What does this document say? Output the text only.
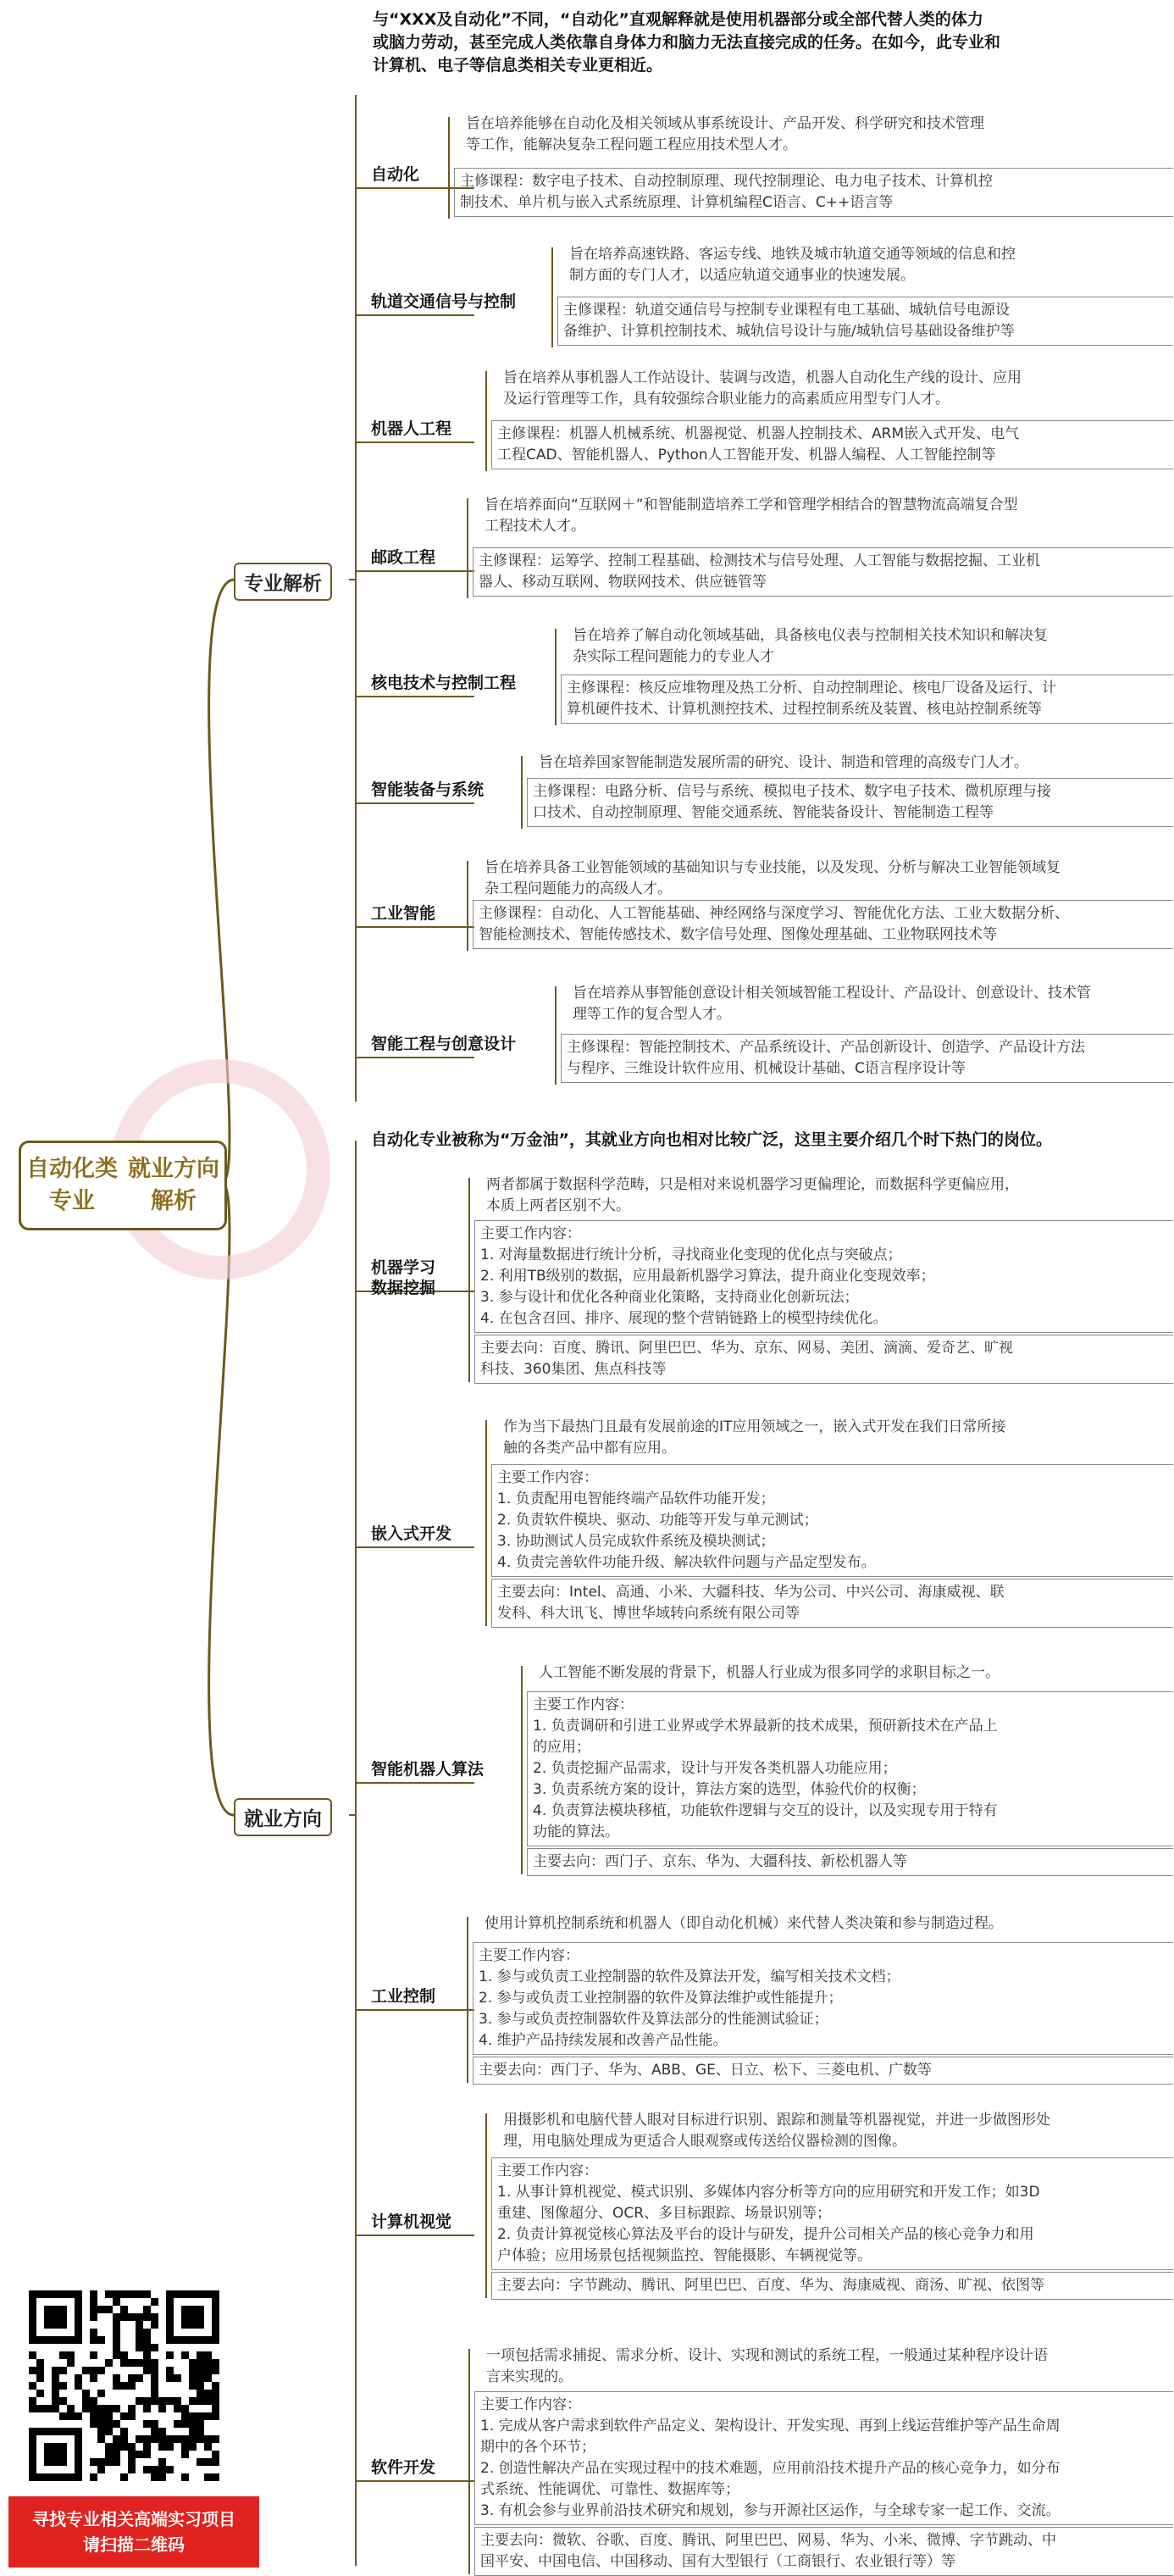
自动化类专业
就业方向解析
与“XXX及自动化”不同，“自动化”直观解释就是使用机器部分或全部代替人类的体力
或脑力劳动，甚至完成人类依靠自身体力和脑力无法直接完成的任务。在如今，此专业和
计算机、电子等信息类相关专业更相近。
专业解析
就业方向
自动化
旨在培养能够在自动化及相关领域从事系统设计、产品开发、科学研究和技术管理
等工作，能解决复杂工程问题工程应用技术型人才。
主修课程：数字电子技术、自动控制原理、现代控制理论、电力电子技术、计算机控
制技术、单片机与嵌入式系统原理、计算机编程C语言、C++语言等
轨道交通信号与控制
旨在培养高速铁路、客运专线、地铁及城市轨道交通等领域的信息和控
制方面的专门人才，以适应轨道交通事业的快速发展。
主修课程：轨道交通信号与控制专业课程有电工基础、城轨信号电源设
备维护、计算机控制技术、城轨信号设计与施/城轨信号基础设备维护等
机器人工程
旨在培养从事机器人工作站设计、装调与改造，机器人自动化生产线的设计、应用
及运行管理等工作，具有较强综合职业能力的高素质应用型专门人才。
主修课程：机器人机械系统、机器视觉、机器人控制技术、ARM嵌入式开发、电气
工程CAD、智能机器人、Python人工智能开发、机器人编程、人工智能控制等
邮政工程
旨在培养面向“互联网＋”和智能制造培养工学和管理学相结合的智慧物流高端复合型
工程技术人才。
主修课程：运筹学、控制工程基础、检测技术与信号处理、人工智能与数据挖掘、工业机
器人、移动互联网、物联网技术、供应链管等
核电技术与控制工程
旨在培养了解自动化领域基础，具备核电仪表与控制相关技术知识和解决复
杂实际工程问题能力的专业人才
主修课程：核反应堆物理及热工分析、自动控制理论、核电厂设备及运行、计
算机硬件技术、计算机测控技术、过程控制系统及装置、核电站控制系统等
智能装备与系统
旨在培养国家智能制造发展所需的研究、设计、制造和管理的高级专门人才。
主修课程：电路分析、信号与系统、模拟电子技术、数字电子技术、微机原理与接
口技术、自动控制原理、智能交通系统、智能装备设计、智能制造工程等
工业智能
旨在培养具备工业智能领域的基础知识与专业技能，以及发现、分析与解决工业智能领域复
杂工程问题能力的高级人才。
主修课程：自动化、人工智能基础、神经网络与深度学习、智能优化方法、工业大数据分析、
智能检测技术、智能传感技术、数字信号处理、图像处理基础、工业物联网技术等
智能工程与创意设计
旨在培养从事智能创意设计相关领域智能工程设计、产品设计、创意设计、技术管
理等工作的复合型人才。
主修课程：智能控制技术、产品系统设计、产品创新设计、创造学、产品设计方法
与程序、三维设计软件应用、机械设计基础、C语言程序设计等
自动化专业被称为“万金油”，其就业方向也相对比较广泛，这里主要介绍几个时下热门的岗位。
机器学习
数据挖掘
两者都属于数据科学范畴，只是相对来说机器学习更偏理论，而数据科学更偏应用，
本质上两者区别不大。
主要工作内容：
1. 对海量数据进行统计分析，寻找商业化变现的优化点与突破点；
2. 利用TB级别的数据，应用最新机器学习算法，提升商业化变现效率；
3. 参与设计和优化各种商业化策略，支持商业化创新玩法；
4. 在包含召回、排序、展现的整个营销链路上的模型持续优化。
主要去向：百度、腾讯、阿里巴巴、华为、京东、网易、美团、滴滴、爱奇艺、旷视
科技、360集团、焦点科技等
嵌入式开发
作为当下最热门且最有发展前途的IT应用领域之一，嵌入式开发在我们日常所接
触的各类产品中都有应用。
主要工作内容：
1. 负责配用电智能终端产品软件功能开发；
2. 负责软件模块、驱动、功能等开发与单元测试；
3. 协助测试人员完成软件系统及模块测试；
4. 负责完善软件功能升级、解决软件问题与产品定型发布。
主要去向：Intel、高通、小米、大疆科技、华为公司、中兴公司、海康威视、联
发科、科大讯飞、博世华域转向系统有限公司等
智能机器人算法
人工智能不断发展的背景下，机器人行业成为很多同学的求职目标之一。
主要工作内容：
1. 负责调研和引进工业界或学术界最新的技术成果，预研新技术在产品上
的应用；
2. 负责挖掘产品需求，设计与开发各类机器人功能应用；
3. 负责系统方案的设计，算法方案的选型，体验代价的权衡；
4. 负责算法模块移植，功能软件逻辑与交互的设计，以及实现专用于特有
功能的算法。
主要去向：西门子、京东、华为、大疆科技、新松机器人等
工业控制
使用计算机控制系统和机器人（即自动化机械）来代替人类决策和参与制造过程。
主要工作内容：
1. 参与或负责工业控制器的软件及算法开发，编写相关技术文档；
2. 参与或负责工业控制器的软件及算法维护或性能提升；
3. 参与或负责控制器软件及算法部分的性能测试验证；
4. 维护产品持续发展和改善产品性能。
主要去向：西门子、华为、ABB、GE、日立、松下、三菱电机、广数等
计算机视觉
用摄影机和电脑代替人眼对目标进行识别、跟踪和测量等机器视觉，并进一步做图形处
理，用电脑处理成为更适合人眼观察或传送给仪器检测的图像。
主要工作内容：
1. 从事计算机视觉、模式识别、多媒体内容分析等方向的应用研究和开发工作；如3D
重建、图像超分、OCR、多目标跟踪、场景识别等；
2. 负责计算视觉核心算法及平台的设计与研发，提升公司相关产品的核心竞争力和用
户体验；应用场景包括视频监控、智能摄影、车辆视觉等。
主要去向：字节跳动、腾讯、阿里巴巴、百度、华为、海康威视、商汤、旷视、依图等
软件开发
一项包括需求捕捉、需求分析、设计、实现和测试的系统工程，一般通过某种程序设计语
言来实现的。
主要工作内容：
1. 完成从客户需求到软件产品定义、架构设计、开发实现、再到上线运营维护等产品生命周
期中的各个环节；
2. 创造性解决产品在实现过程中的技术难题，应用前沿技术提升产品的核心竞争力，如分布
式系统、性能调优、可靠性、数据库等；
3. 有机会参与业界前沿技术研究和规划，参与开源社区运作，与全球专家一起工作、交流。
主要去向：微软、谷歌、百度、腾讯、阿里巴巴、网易、华为、小米、微博、字节跳动、中
国平安、中国电信、中国移动、国有大型银行（工商银行、农业银行等）等
寻找专业相关高端实习项目
请扫描二维码
